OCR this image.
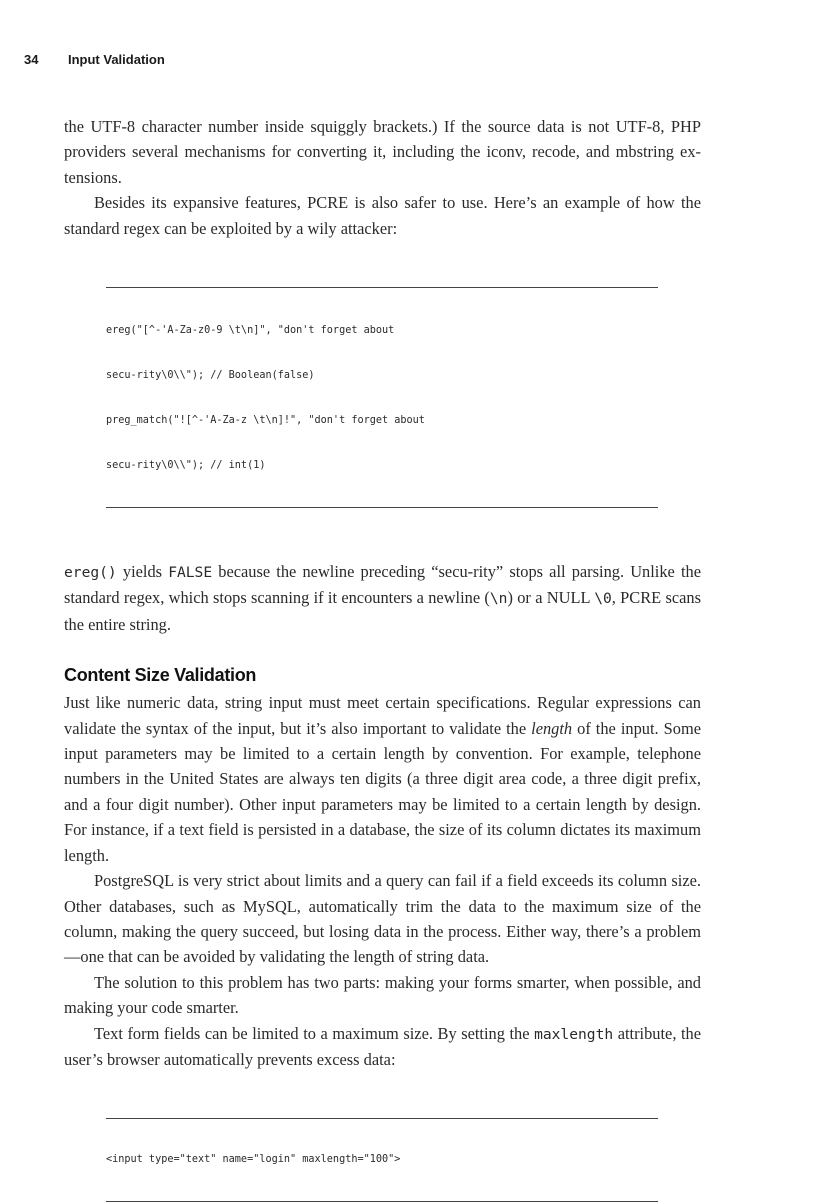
34 Input Validation

the UTF-8 character number inside squiggly brackets.) If the source data is not UTF-8, PHP providers several mechanisms for converting it, including the iconv, recode, and mbstring extensions.

Besides its expansive features, PCRE is also safer to use. Here’s an example of how the standard regex can be exploited by a wily attacker:

ereg("[^-'A-Za-z0-9 \t\n]", "don't forget about

secu-rity\0\\"); // Boolean(false)

preg_match("![^-'A-Za-z \t\n]!", "don't forget about

secu-rity\0\\"); // int(1)

ereg() yields FALSE because the newline preceding “secu-rity” stops all parsing. Unlike the standard regex, which stops scanning if it encounters a newline (\n) or a NULL \0, PCRE scans the entire string.

Content Size Validation

Just like numeric data, string input must meet certain specifications. Regular expressions can validate the syntax of the input, but it’s also important to validate the length of the input. Some input parameters may be limited to a certain length by convention. For example, telephone numbers in the United States are always ten digits (a three digit area code, a three digit prefix, and a four digit number). Other input parameters may be limited to a certain length by design. For instance, if a text field is persisted in a database, the size of its column dictates its maximum length.

PostgreSQL is very strict about limits and a query can fail if a field exceeds its column size. Other databases, such as MySQL, automatically trim the data to the maximum size of the column, making the query succeed, but losing data in the process. Either way, there’s a problem—one that can be avoided by validating the length of string data.

The solution to this problem has two parts: making your forms smarter, when possible, and making your code smarter.

Text form fields can be limited to a maximum size. By setting the maxlength attribute, the user’s browser automatically prevents excess data:

<input type="text" name="login" maxlength="100">
